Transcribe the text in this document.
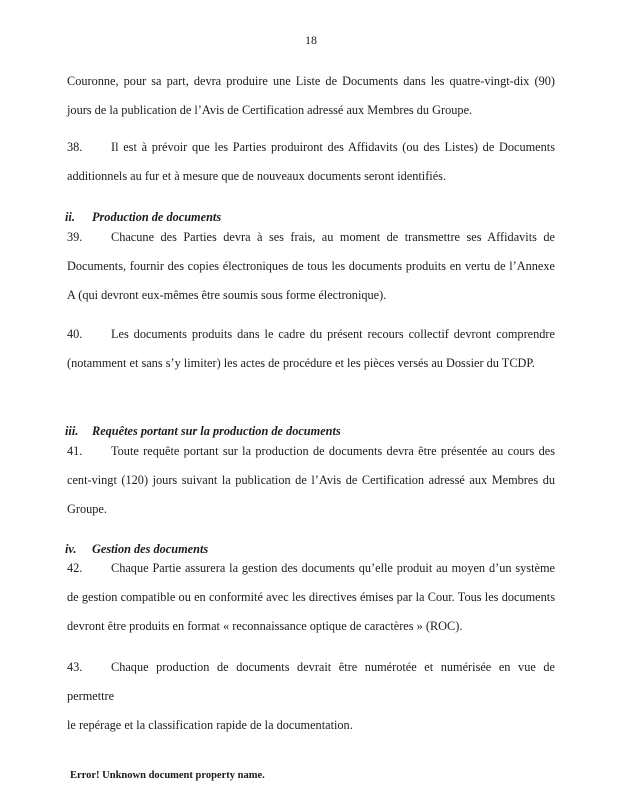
18
Couronne, pour sa part, devra produire une Liste de Documents dans les quatre-vingt-dix (90)
jours de la publication de l’Avis de Certification adressé aux Membres du Groupe.
38. Il est à prévoir que les Parties produiront des Affidavits (ou des Listes) de Documents
additionnels au fur et à mesure que de nouveaux documents seront identifiés.
ii. Production de documents
39. Chacune des Parties devra à ses frais, au moment de transmettre ses Affidavits de
Documents, fournir des copies électroniques de tous les documents produits en vertu de l’Annexe
A (qui devront eux-mêmes être soumis sous forme électronique).
40. Les documents produits dans le cadre du présent recours collectif devront comprendre
(notamment et sans s’y limiter) les actes de procédure et les pièces versés au Dossier du TCDP.
iii. Requêtes portant sur la production de documents
41. Toute requête portant sur la production de documents devra être présentée au cours des
cent-vingt (120) jours suivant la publication de l’Avis de Certification adressé aux Membres du
Groupe.
iv. Gestion des documents
42. Chaque Partie assurera la gestion des documents qu’elle produit au moyen d’un système
de gestion compatible ou en conformité avec les directives émises par la Cour. Tous les documents
devront être produits en format « reconnaissance optique de caractères » (ROC).
43. Chaque production de documents devrait être numérotée et numérisée en vue de permettre
le repérage et la classification rapide de la documentation.
Error! Unknown document property name.
